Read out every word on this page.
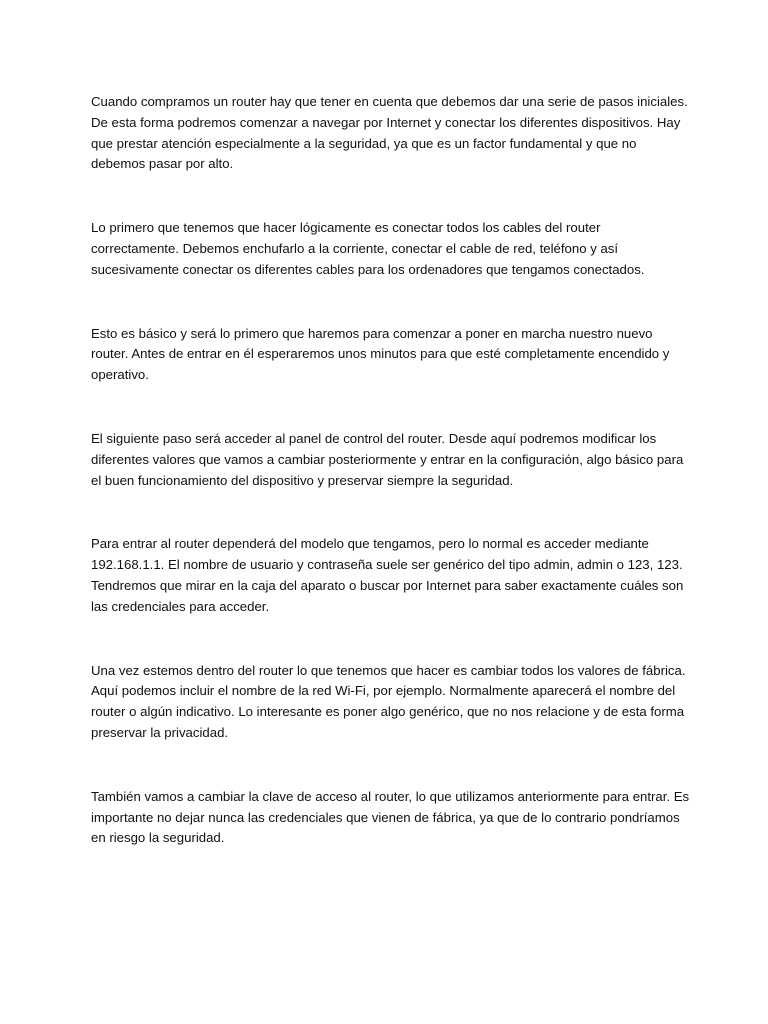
Cuando compramos un router hay que tener en cuenta que debemos dar una serie de pasos iniciales. De esta forma podremos comenzar a navegar por Internet y conectar los diferentes dispositivos. Hay que prestar atención especialmente a la seguridad, ya que es un factor fundamental y que no debemos pasar por alto.

Lo primero que tenemos que hacer lógicamente es conectar todos los cables del router correctamente. Debemos enchufarlo a la corriente, conectar el cable de red, teléfono y así sucesivamente conectar os diferentes cables para los ordenadores que tengamos conectados.

Esto es básico y será lo primero que haremos para comenzar a poner en marcha nuestro nuevo router. Antes de entrar en él esperaremos unos minutos para que esté completamente encendido y operativo.

El siguiente paso será acceder al panel de control del router. Desde aquí podremos modificar los diferentes valores que vamos a cambiar posteriormente y entrar en la configuración, algo básico para el buen funcionamiento del dispositivo y preservar siempre la seguridad.

Para entrar al router dependerá del modelo que tengamos, pero lo normal es acceder mediante 192.168.1.1. El nombre de usuario y contraseña suele ser genérico del tipo admin, admin o 123, 123. Tendremos que mirar en la caja del aparato o buscar por Internet para saber exactamente cuáles son las credenciales para acceder.

Una vez estemos dentro del router lo que tenemos que hacer es cambiar todos los valores de fábrica. Aquí podemos incluir el nombre de la red Wi-Fi, por ejemplo. Normalmente aparecerá el nombre del router o algún indicativo. Lo interesante es poner algo genérico, que no nos relacione y de esta forma preservar la privacidad.

También vamos a cambiar la clave de acceso al router, lo que utilizamos anteriormente para entrar. Es importante no dejar nunca las credenciales que vienen de fábrica, ya que de lo contrario pondríamos en riesgo la seguridad.
